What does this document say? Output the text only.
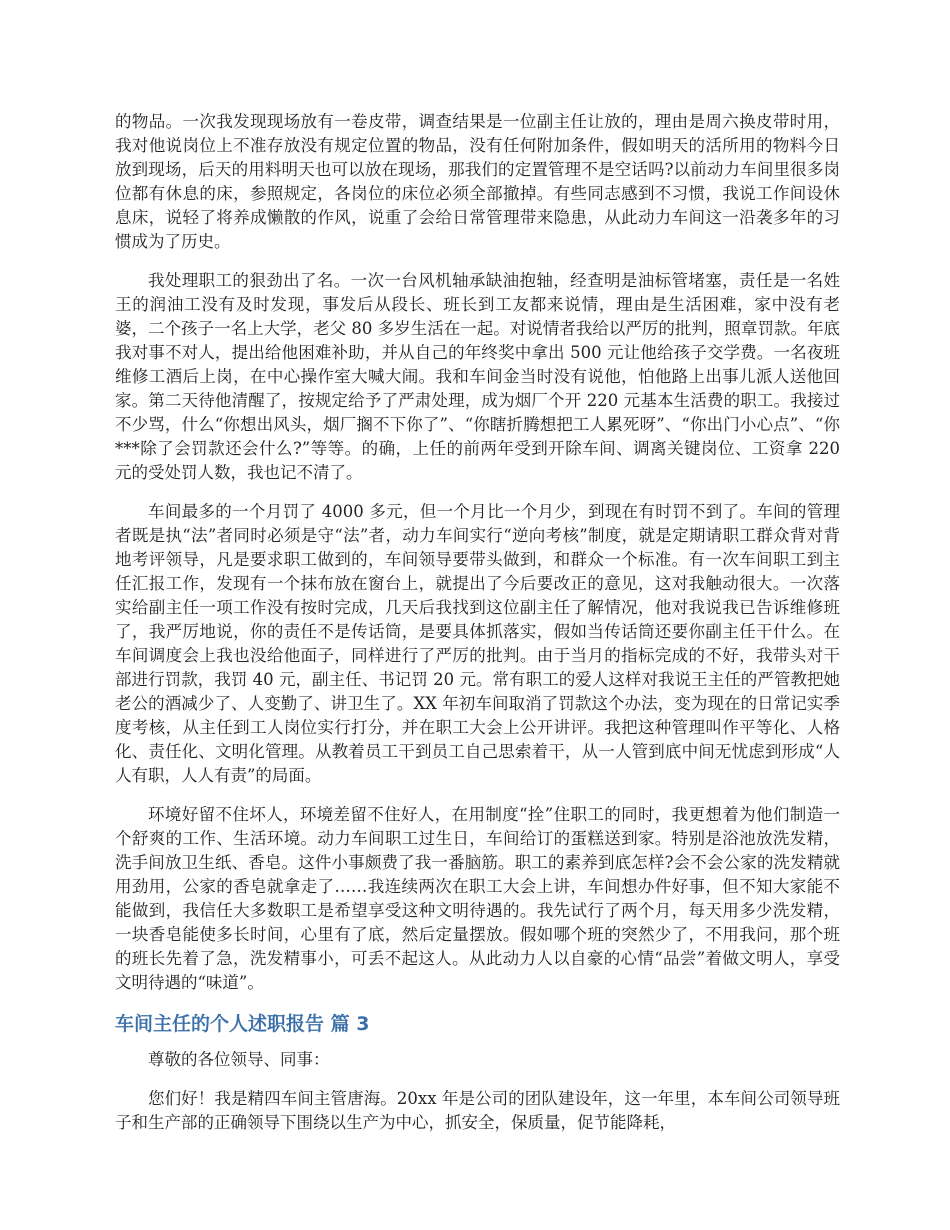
的物品。一次我发现现场放有一卷皮带，调查结果是一位副主任让放的，理由是周六换皮带时用，我对他说岗位上不准存放没有规定位置的物品，没有任何附加条件，假如明天的活所用的物料今日放到现场，后天的用料明天也可以放在现场，那我们的定置管理不是空话吗?以前动力车间里很多岗位都有休息的床，参照规定，各岗位的床位必须全部撤掉。有些同志感到不习惯，我说工作间设休息床，说轻了将养成懒散的作风，说重了会给日常管理带来隐患，从此动力车间这一沿袭多年的习惯成为了历史。

我处理职工的狠劲出了名。一次一台风机轴承缺油抱轴，经查明是油标管堵塞，责任是一名姓王的润油工没有及时发现，事发后从段长、班长到工友都来说情，理由是生活困难，家中没有老婆，二个孩子一名上大学，老父 80 多岁生活在一起。对说情者我给以严厉的批判，照章罚款。年底我对事不对人，提出给他困难补助，并从自己的年终奖中拿出 500 元让他给孩子交学费。一名夜班维修工酒后上岗，在中心操作室大喊大闹。我和车间金当时没有说他，怕他路上出事儿派人送他回家。第二天待他清醒了，按规定给予了严肃处理，成为烟厂个开 220 元基本生活费的职工。我接过不少骂，什么“你想出风头，烟厂搁不下你了”、“你瞎折腾想把工人累死呀”、“你出门小心点”、“你***除了会罚款还会什么?”等等。的确，上任的前两年受到开除车间、调离关键岗位、工资拿 220 元的受处罚人数，我也记不清了。

车间最多的一个月罚了 4000 多元，但一个月比一个月少，到现在有时罚不到了。车间的管理者既是执“法”者同时必须是守“法”者，动力车间实行“逆向考核”制度，就是定期请职工群众背对背地考评领导，凡是要求职工做到的，车间领导要带头做到，和群众一个标准。有一次车间职工到主任汇报工作，发现有一个抹布放在窗台上，就提出了今后要改正的意见，这对我触动很大。一次落实给副主任一项工作没有按时完成，几天后我找到这位副主任了解情况，他对我说我已告诉维修班了，我严厉地说，你的责任不是传话筒，是要具体抓落实，假如当传话筒还要你副主任干什么。在车间调度会上我也没给他面子，同样进行了严厉的批判。由于当月的指标完成的不好，我带头对干部进行罚款，我罚 40 元，副主任、书记罚 20 元。常有职工的爱人这样对我说王主任的严管教把她老公的酒减少了、人变勤了、讲卫生了。XX 年初车间取消了罚款这个办法，变为现在的日常记实季度考核，从主任到工人岗位实行打分，并在职工大会上公开讲评。我把这种管理叫作平等化、人格化、责任化、文明化管理。从教着员工干到员工自己思索着干，从一人管到底中间无忧虑到形成“人人有职，人人有责”的局面。

环境好留不住坏人，环境差留不住好人，在用制度“拴”住职工的同时，我更想着为他们制造一个舒爽的工作、生活环境。动力车间职工过生日，车间给订的蛋糕送到家。特别是浴池放洗发精，洗手间放卫生纸、香皂。这件小事颇费了我一番脑筋。职工的素养到底怎样?会不会公家的洗发精就用劲用，公家的香皂就拿走了……我连续两次在职工大会上讲，车间想办件好事，但不知大家能不能做到，我信任大多数职工是希望享受这种文明待遇的。我先试行了两个月，每天用多少洗发精，一块香皂能使多长时间，心里有了底，然后定量摆放。假如哪个班的突然少了，不用我问，那个班的班长先着了急，洗发精事小，可丢不起这人。从此动力人以自豪的心情“品尝”着做文明人，享受文明待遇的“味道”。

车间主任的个人述职报告 篇 3

尊敬的各位领导、同事：

您们好！我是精四车间主管唐海。20xx 年是公司的团队建设年，这一年里，本车间公司领导班子和生产部的正确领导下围绕以生产为中心，抓安全，保质量，促节能降耗，
